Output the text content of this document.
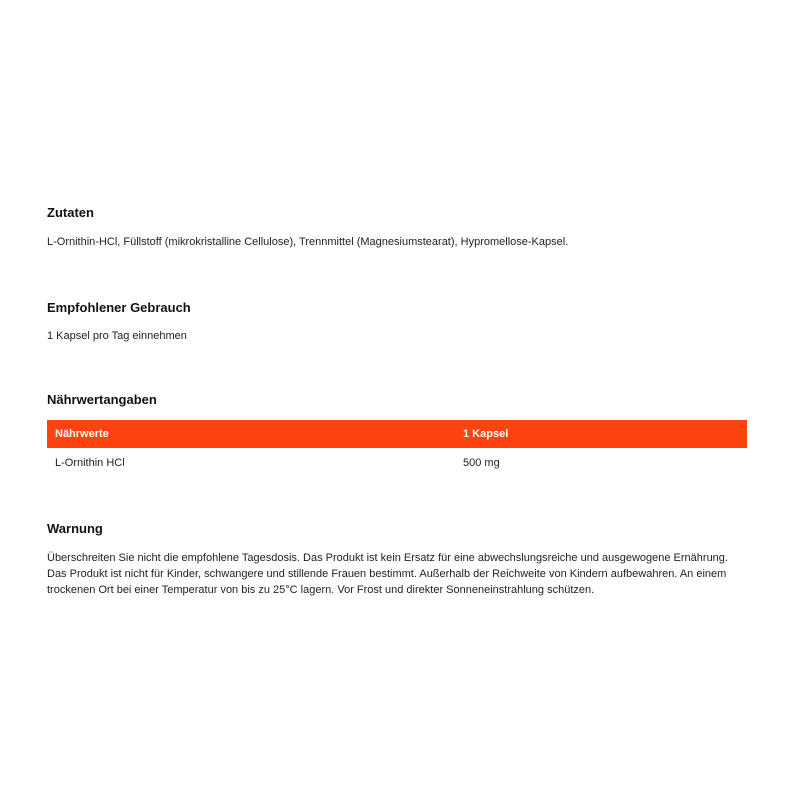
Zutaten

L-Ornithin-HCl, Füllstoff (mikrokristalline Cellulose), Trennmittel (Magnesiumstearat), Hypromellose-Kapsel.

Empfohlener Gebrauch

1 Kapsel pro Tag einnehmen

Nährwertangaben
Nährwerte	1 Kapsel
L-Ornithin HCl	500 mg
Warnung

Überschreiten Sie nicht die empfohlene Tagesdosis. Das Produkt ist kein Ersatz für eine abwechslungsreiche und ausgewogene Ernährung. Das Produkt ist nicht für Kinder, schwangere und stillende Frauen bestimmt. Außerhalb der Reichweite von Kindern aufbewahren. An einem trockenen Ort bei einer Temperatur von bis zu 25°C lagern. Vor Frost und direkter Sonneneinstrahlung schützen.
